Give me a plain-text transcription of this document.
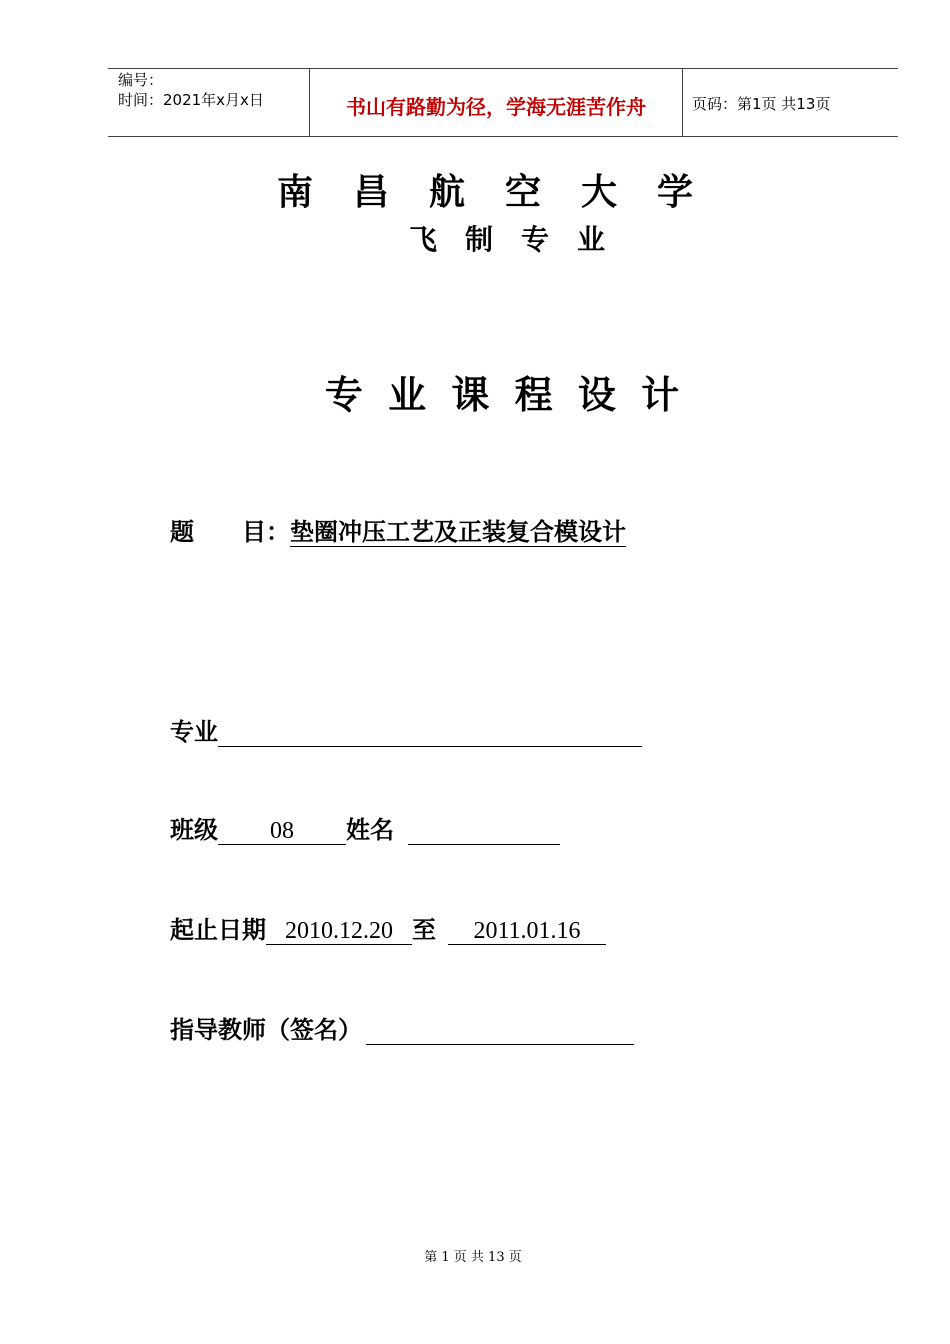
编号：
时间：2021年x月x日	书山有路勤为径，学海无涯苦作舟	页码：第1页 共13页
南　昌　航　空　大　学
飞　制　专　业
专 业 课 程 设 计
题　　目：垫圈冲压工艺及正装复合模设计
专业
班级 08 姓名
起止日期 2010.12.20 至 2011.01.16
指导教师（签名）
第 1 页 共 13 页
